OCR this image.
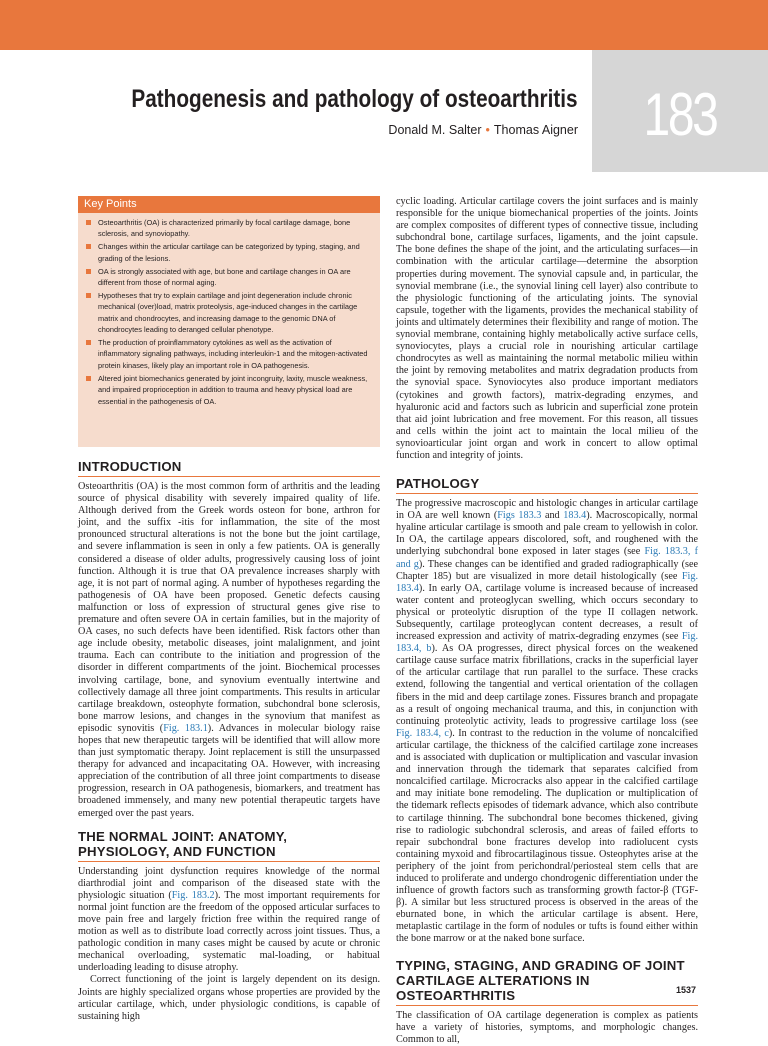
183
Pathogenesis and pathology of osteoarthritis
Donald M. Salter • Thomas Aigner
Key Points
Osteoarthritis (OA) is characterized primarily by focal cartilage damage, bone sclerosis, and synoviopathy.
Changes within the articular cartilage can be categorized by typing, staging, and grading of the lesions.
OA is strongly associated with age, but bone and cartilage changes in OA are different from those of normal aging.
Hypotheses that try to explain cartilage and joint degeneration include chronic mechanical (over)load, matrix proteolysis, age-induced changes in the cartilage matrix and chondrocytes, and increasing damage to the genomic DNA of chondrocytes leading to deranged cellular phenotype.
The production of proinflammatory cytokines as well as the activation of inflammatory signaling pathways, including interleukin-1 and the mitogen-activated protein kinases, likely play an important role in OA pathogenesis.
Altered joint biomechanics generated by joint incongruity, laxity, muscle weakness, and impaired proprioception in addition to trauma and heavy physical load are essential in the pathogenesis of OA.
INTRODUCTION

Osteoarthritis (OA) is the most common form of arthritis and the leading source of physical disability with severely impaired quality of life. Although derived from the Greek words osteon for bone, arthron for joint, and the suffix -itis for inflammation, the site of the most pronounced structural alterations is not the bone but the joint cartilage, and severe inflammation is seen in only a few patients. OA is generally considered a disease of older adults, progressively causing loss of joint function. Although it is true that OA prevalence increases sharply with age, it is not part of normal aging. A number of hypotheses regarding the pathogenesis of OA have been proposed. Genetic defects causing malfunction or loss of expression of structural genes give rise to premature and often severe OA in certain families, but in the majority of OA cases, no such defects have been identified. Risk factors other than age include obesity, metabolic diseases, joint malalignment, and joint trauma. Each can contribute to the initiation and progression of the disorder in different compartments of the joint. Biochemical processes involving cartilage, bone, and synovium eventually intertwine and collectively damage all three joint compartments. This results in articular cartilage breakdown, osteophyte formation, subchondral bone sclerosis, bone marrow lesions, and changes in the synovium that manifest as episodic synovitis (Fig. 183.1). Advances in molecular biology raise hopes that new therapeutic targets will be identified that will allow more than just symptomatic therapy. Joint replacement is still the unsurpassed therapy for advanced and incapacitating OA. However, with increasing appreciation of the contribution of all three joint compartments to disease progression, research in OA pathogenesis, biomarkers, and treatment has broadened immensely, and many new potential therapeutic targets have emerged over the past years.

THE NORMAL JOINT: ANATOMY, PHYSIOLOGY, AND FUNCTION

Understanding joint dysfunction requires knowledge of the normal diarthrodial joint and comparison of the diseased state with the physiologic situation (Fig. 183.2). The most important requirements for normal joint function are the freedom of the opposed articular surfaces to move pain free and largely friction free within the required range of motion as well as to distribute load correctly across joint tissues. Thus, a pathologic condition in many cases might be caused by acute or chronic mechanical overloading, systematic mal-loading, or habitual underloading leading to disuse atrophy.

Correct functioning of the joint is largely dependent on its design. Joints are highly specialized organs whose properties are provided by the articular cartilage, which, under physiologic conditions, is capable of sustaining high

cyclic loading. Articular cartilage covers the joint surfaces and is mainly responsible for the unique biomechanical properties of the joints. Joints are complex composites of different types of connective tissue, including subchondral bone, cartilage surfaces, ligaments, and the joint capsule. The bone defines the shape of the joint, and the articulating surfaces—in combination with the articular cartilage—determine the absorption properties during movement. The synovial capsule and, in particular, the synovial membrane (i.e., the synovial lining cell layer) also contribute to the physiologic functioning of the articulating joints. The synovial capsule, together with the ligaments, provides the mechanical stability of joints and ultimately determines their flexibility and range of motion. The synovial membrane, containing highly metabolically active surface cells, synoviocytes, plays a crucial role in nourishing articular cartilage chondrocytes as well as maintaining the normal metabolic milieu within the joint by removing metabolites and matrix degradation products from the synovial space. Synoviocytes also produce important mediators (cytokines and growth factors), matrix-degrading enzymes, and hyaluronic acid and factors such as lubricin and superficial zone protein that aid joint lubrication and free movement. For this reason, all tissues and cells within the joint act to maintain the local milieu of the synovioarticular joint organ and work in concert to allow optimal function and integrity of joints.

PATHOLOGY

The progressive macroscopic and histologic changes in articular cartilage in OA are well known (Figs 183.3 and 183.4). Macroscopically, normal hyaline articular cartilage is smooth and pale cream to yellowish in color. In OA, the cartilage appears discolored, soft, and roughened with the underlying subchondral bone exposed in later stages (see Fig. 183.3, f and g). These changes can be identified and graded radiographically (see Chapter 185) but are visualized in more detail histologically (see Fig. 183.4). In early OA, cartilage volume is increased because of increased water content and proteoglycan swelling, which occurs secondary to physical or proteolytic disruption of the type II collagen network. Subsequently, cartilage proteoglycan content decreases, a result of increased expression and activity of matrix-degrading enzymes (see Fig. 183.4, b). As OA progresses, direct physical forces on the weakened cartilage cause surface matrix fibrillations, cracks in the superficial layer of the articular cartilage that run parallel to the surface. These cracks extend, following the tangential and vertical orientation of the collagen fibers in the mid and deep cartilage zones. Fissures branch and propagate as a result of ongoing mechanical trauma, and this, in conjunction with continuing proteolytic activity, leads to progressive cartilage loss (see Fig. 183.4, c). In contrast to the reduction in the volume of noncalcified articular cartilage, the thickness of the calcified cartilage zone increases and is associated with duplication or multiplication and vascular invasion and innervation through the tidemark that separates calcified from noncalcified cartilage. Microcracks also appear in the calcified cartilage and may initiate bone remodeling. The duplication or multiplication of the tidemark reflects episodes of tidemark advance, which also contribute to cartilage thinning. The subchondral bone becomes thickened, giving rise to radiologic subchondral sclerosis, and areas of failed efforts to repair subchondral bone fractures develop into radiolucent cysts containing myxoid and fibrocartilaginous tissue. Osteophytes arise at the periphery of the joint from perichondral/periosteal stem cells that are induced to proliferate and undergo chondrogenic differentiation under the influence of growth factors such as transforming growth factor-β (TGF-β). A similar but less structured process is observed in the areas of the eburnated bone, in which the articular cartilage is absent. Here, metaplastic cartilage in the form of nodules or tufts is found either within the bone marrow or at the naked bone surface.

TYPING, STAGING, AND GRADING OF JOINT CARTILAGE ALTERATIONS IN OSTEOARTHRITIS

The classification of OA cartilage degeneration is complex as patients have a variety of histories, symptoms, and morphologic changes. Common to all,

1537
